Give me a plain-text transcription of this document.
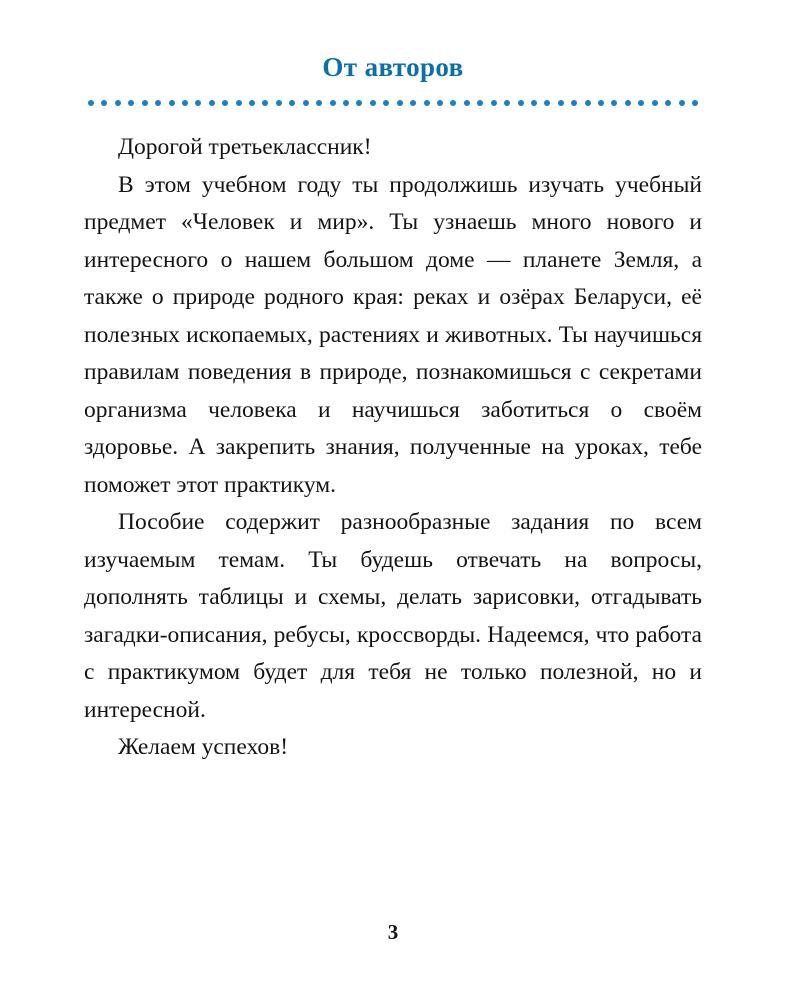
От авторов

Дорогой третьеклассник!

В этом учебном году ты продолжишь изучать учебный предмет «Человек и мир». Ты узнаешь много нового и интересного о нашем большом доме — планете Земля, а также о природе родного края: реках и озёрах Беларуси, её полезных ископаемых, растениях и животных. Ты научишься правилам поведения в природе, познакомишься с секретами организма человека и научишься заботиться о своём здоровье. А закрепить знания, полученные на уроках, тебе поможет этот практикум.

Пособие содержит разнообразные задания по всем изучаемым темам. Ты будешь отвечать на вопросы, дополнять таблицы и схемы, делать зарисовки, отгадывать загадки-описания, ребусы, кроссворды. Надеемся, что работа с практикумом будет для тебя не только полезной, но и интересной.

Желаем успехов!

3
